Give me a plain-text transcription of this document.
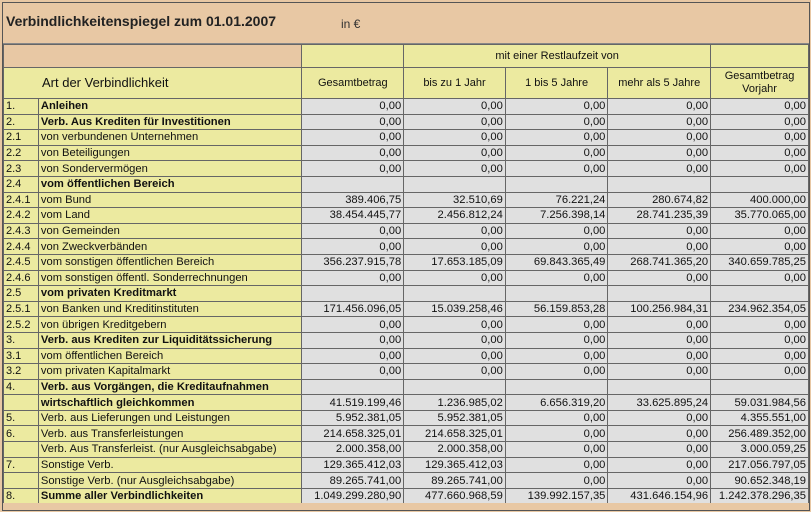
Verbindlichkeitenspiegel zum 01.01.2007	in €
			mit einer Restlaufzeit von			
Art der Verbindlichkeit		Gesamtbetrag	bis zu 1 Jahr	1 bis 5 Jahre	mehr als 5 Jahre	Gesamtbetrag Vorjahr
1.	Anleihen	0,00	0,00	0,00	0,00	0,00
2.	Verb. Aus Krediten für Investitionen	0,00	0,00	0,00	0,00	0,00
2.1	von verbundenen Unternehmen	0,00	0,00	0,00	0,00	0,00
2.2	von Beteiligungen	0,00	0,00	0,00	0,00	0,00
2.3	von Sondervermögen	0,00	0,00	0,00	0,00	0,00
2.4	vom öffentlichen Bereich					
2.4.1	vom Bund	389.406,75	32.510,69	76.221,24	280.674,82	400.000,00
2.4.2	vom Land	38.454.445,77	2.456.812,24	7.256.398,14	28.741.235,39	35.770.065,00
2.4.3	von Gemeinden	0,00	0,00	0,00	0,00	0,00
2.4.4	von Zweckverbänden	0,00	0,00	0,00	0,00	0,00
2.4.5	vom sonstigen öffentlichen Bereich	356.237.915,78	17.653.185,09	69.843.365,49	268.741.365,20	340.659.785,25
2.4.6	vom sonstigen öffentl. Sonderrechnungen	0,00	0,00	0,00	0,00	0,00
2.5	vom privaten Kreditmarkt					
2.5.1	von Banken und Kreditinstituten	171.456.096,05	15.039.258,46	56.159.853,28	100.256.984,31	234.962.354,05
2.5.2	von übrigen Kreditgebern	0,00	0,00	0,00	0,00	0,00
3.	Verb. aus Krediten zur Liquiditätssicherung	0,00	0,00	0,00	0,00	0,00
3.1	vom öffentlichen Bereich	0,00	0,00	0,00	0,00	0,00
3.2	vom privaten Kapitalmarkt	0,00	0,00	0,00	0,00	0,00
4.	Verb. aus Vorgängen, die Kreditaufnahmen					
	wirtschaftlich gleichkommen	41.519.199,46	1.236.985,02	6.656.319,20	33.625.895,24	59.031.984,56
5.	Verb. aus Lieferungen und Leistungen	5.952.381,05	5.952.381,05	0,00	0,00	4.355.551,00
6.	Verb. aus Transferleistungen	214.658.325,01	214.658.325,01	0,00	0,00	256.489.352,00
	Verb. Aus Transferleist. (nur Ausgleichsabgabe)	2.000.358,00	2.000.358,00	0,00	0,00	3.000.059,25
7.	Sonstige Verb.	129.365.412,03	129.365.412,03	0,00	0,00	217.056.797,05
	Sonstige Verb. (nur Ausgleichsabgabe)	89.265.741,00	89.265.741,00	0,00	0,00	90.652.348,19
8.	Summe aller Verbindlichkeiten	1.049.299.280,90	477.660.968,59	139.992.157,35	431.646.154,96	1.242.378.296,35
